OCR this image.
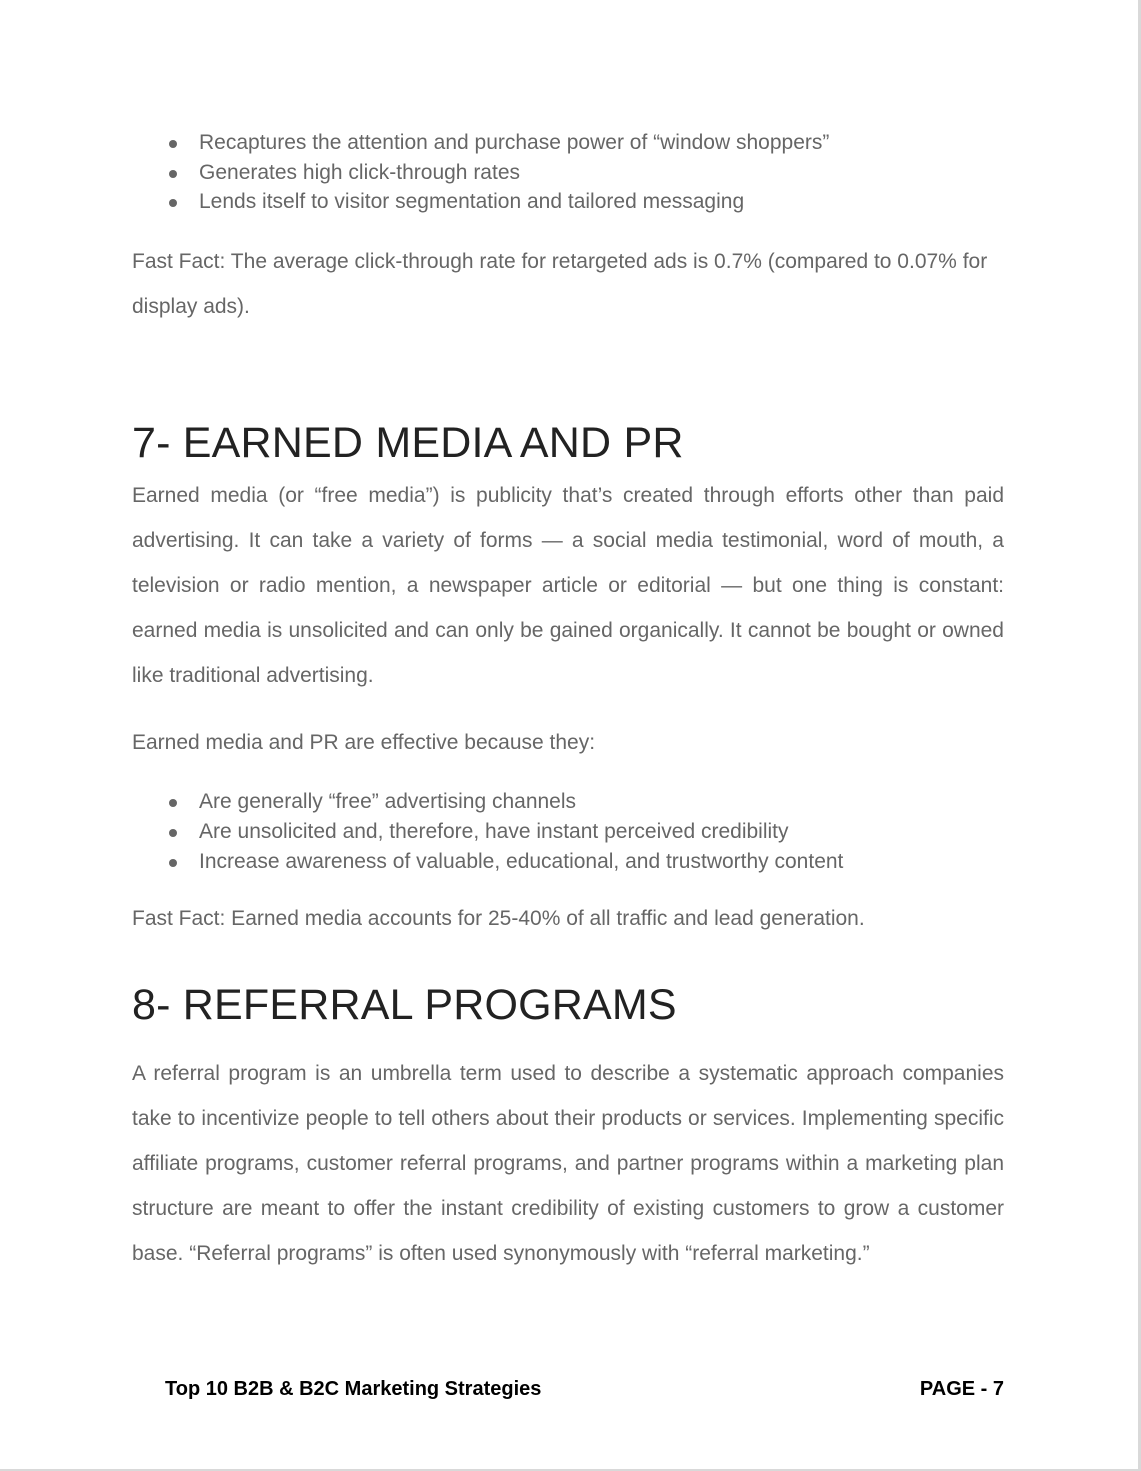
Recaptures the attention and purchase power of “window shoppers”
Generates high click-through rates
Lends itself to visitor segmentation and tailored messaging

Fast Fact: The average click-through rate for retargeted ads is 0.7% (compared to 0.07% for display ads).

7- EARNED MEDIA AND PR

Earned media (or “free media”) is publicity that’s created through efforts other than paid advertising. It can take a variety of forms — a social media testimonial, word of mouth, a television or radio mention, a newspaper article or editorial — but one thing is constant: earned media is unsolicited and can only be gained organically. It cannot be bought or owned like traditional advertising.

Earned media and PR are effective because they:

Are generally “free” advertising channels
Are unsolicited and, therefore, have instant perceived credibility
Increase awareness of valuable, educational, and trustworthy content

Fast Fact: Earned media accounts for 25-40% of all traffic and lead generation.

8- REFERRAL PROGRAMS

A referral program is an umbrella term used to describe a systematic approach companies take to incentivize people to tell others about their products or services. Implementing specific affiliate programs, customer referral programs, and partner programs within a marketing plan structure are meant to offer the instant credibility of existing customers to grow a customer base. “Referral programs” is often used synonymously with “referral marketing.”

Top 10 B2B & B2C Marketing Strategies	PAGE - 7
